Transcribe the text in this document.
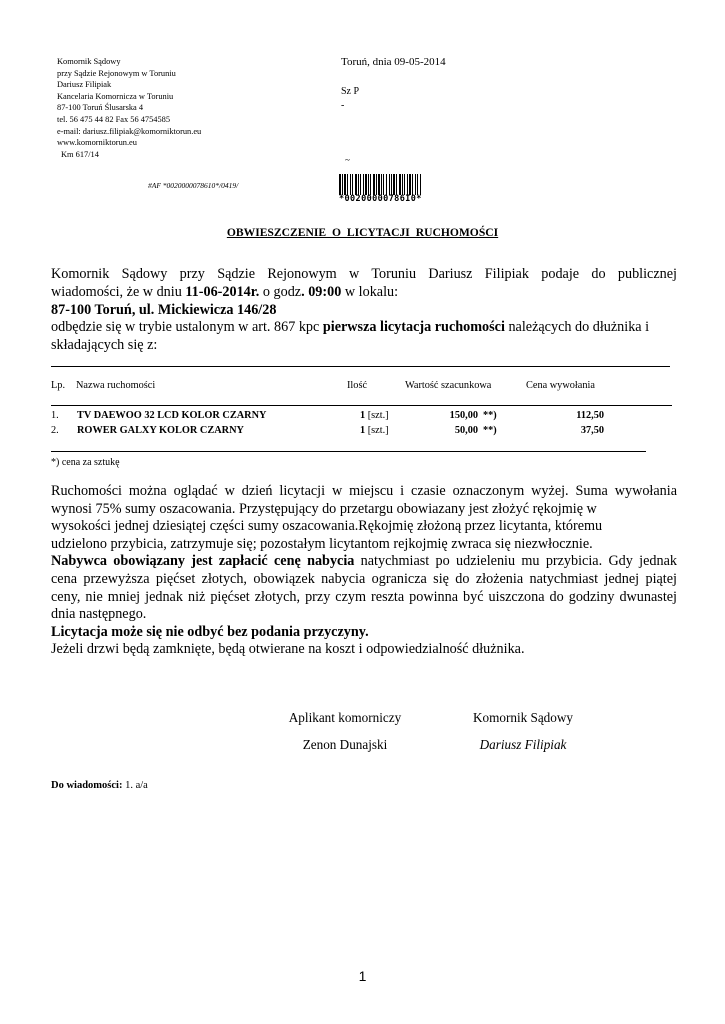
Komornik Sądowy
przy Sądzie Rejonowym w Toruniu
Dariusz Filipiak
Kancelaria Komornicza w Toruniu
87-100 Toruń Ślusarska 4
tel. 56 475 44 82 Fax 56 4754585
e-mail: dariusz.filipiak@komorniktorun.eu
www.komorniktorun.eu
Km 617/14
Toruń, dnia 09-05-2014
Sz P
-
~
#AF *0020000078610*/0419/
*00200000786I0*
OBWIESZCZENIE O LICYTACJI RUCHOMOŚCI

Komornik Sądowy przy Sądzie Rejonowym w Toruniu Dariusz Filipiak podaje do publicznej

wiadomości, że w dniu 11-06-2014r. o godz. 09:00 w lokalu:

87-100 Toruń, ul. Mickiewicza 146/28

odbędzie się w trybie ustalonym w art. 867 kpc pierwsza licytacja ruchomości należących do dłużnika i

składających się z:

Lp. Nazwa ruchomości	Ilość	Wartość szacunkowa	Cena wywołania
1. TV DAEWOO 32 LCD KOLOR CZARNY	1 [szt.]	150,00 **)	112,50
2. ROWER GALXY KOLOR CZARNY	1 [szt.]	50,00 **)	37,50
*) cena za sztukę

Ruchomości można oglądać w dzień licytacji w miejscu i czasie oznaczonym wyżej. Suma wywołania

wynosi 75% sumy oszacowania. Przystępujący do przetargu obowiazany jest złożyć rękojmię w

wysokości jednej dziesiątej części sumy oszacowania.Rękojmię złożoną przez licytanta, któremu

udzielono przybicia, zatrzymuje się; pozostałym licytantom rejkojmię zwraca się niezwłocznie.

Nabywca obowiązany jest zapłacić cenę nabycia natychmiast po udzieleniu mu przybicia. Gdy jednak

cena przewyższa pięćset złotych, obowiązek nabycia ogranicza się do złożenia natychmiast jednej piątej

ceny, nie mniej jednak niż pięćset złotych, przy czym reszta powinna być uiszczona do godziny dwunastej

dnia następnego.

Licytacja może się nie odbyć bez podania przyczyny.

Jeżeli drzwi będą zamknięte, będą otwierane na koszt i odpowiedzialność dłużnika.

Aplikant komorniczy
Zenon Dunajski
Komornik Sądowy
Dariusz Filipiak
Do wiadomości: 1. a/a
1
